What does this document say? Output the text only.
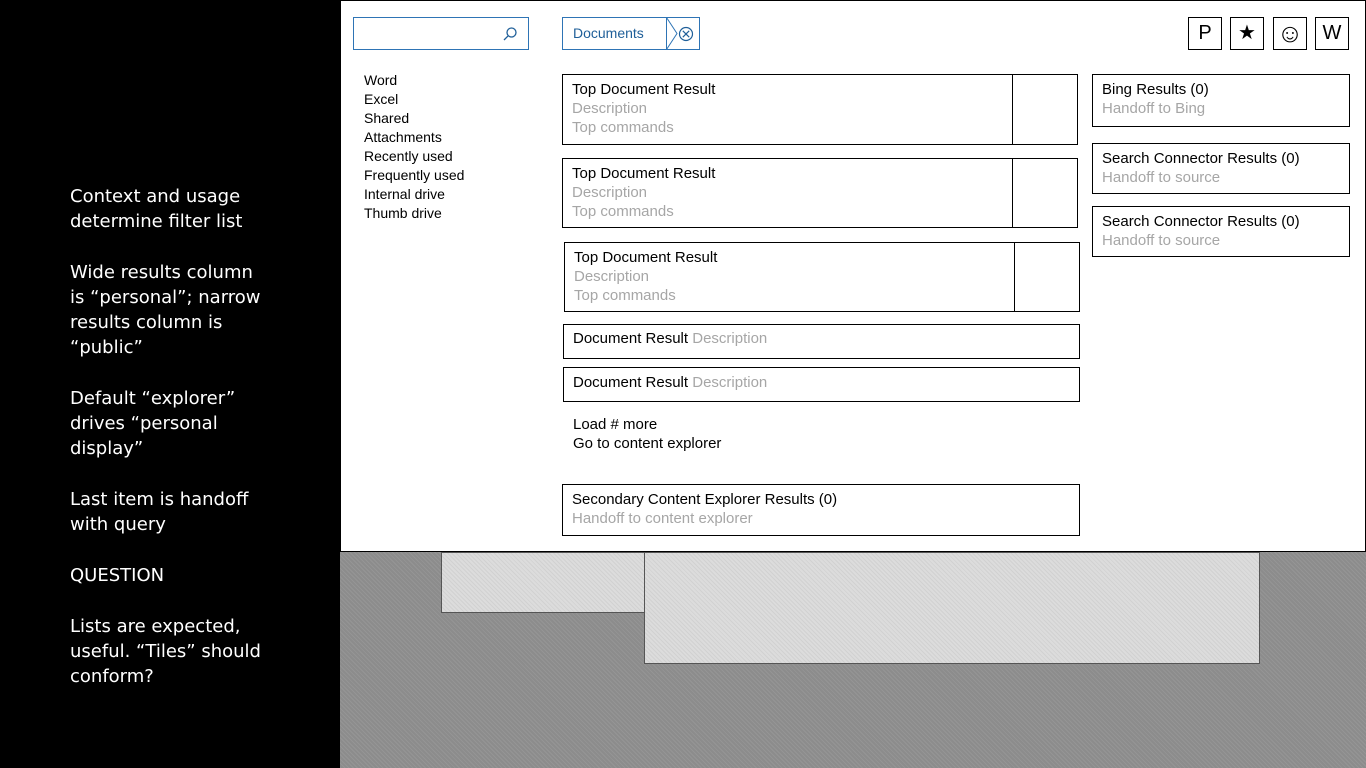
Context and usage determine filter list

Wide results column is “personal”; narrow results column is “public”

Default “explorer” drives “personal display”

Last item is handoff with query

QUESTION

Lists are expected, useful. “Tiles” should conform?

Documents	P	★ ☺ W
Word
Excel
Shared
Attachments
Recently used
Frequently used
Internal drive
Thumb drive
Top Document Result
Description
Top commands
Top Document Result
Description
Top commands
Top Document Result
Description
Top commands
Document Result Description
Document Result Description
Load # more
Go to content explorer
Secondary Content Explorer Results (0)
Handoff to content explorer
Bing Results (0)
Handoff to Bing
Search Connector Results (0)
Handoff to source
Search Connector Results (0)
Handoff to source
